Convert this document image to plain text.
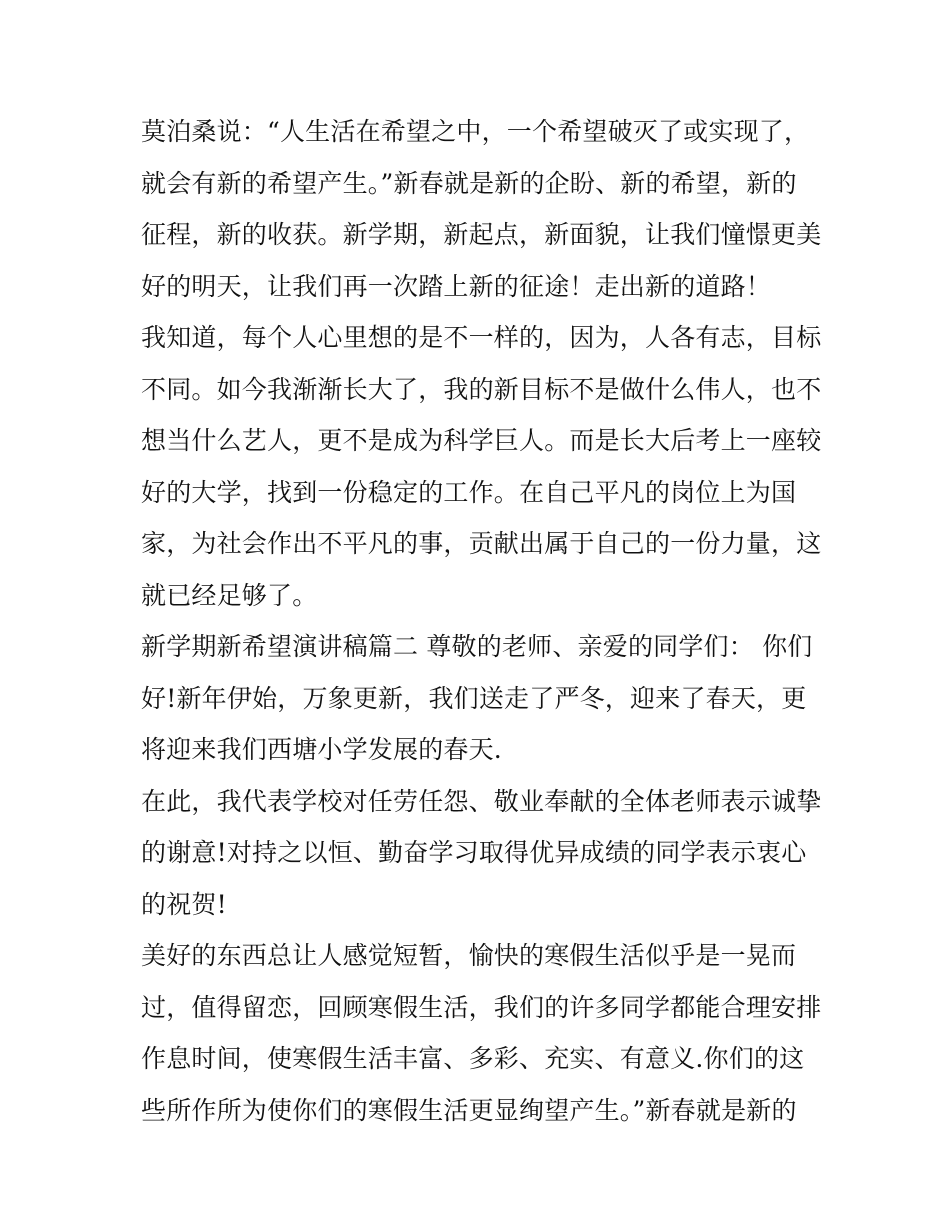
莫泊桑说：“人生活在希望之中，一个希望破灭了或实现了，
就会有新的希望产生。”新春就是新的企盼、新的希望，新的
征程，新的收获。新学期，新起点，新面貌，让我们憧憬更美
好的明天，让我们再一次踏上新的征途！走出新的道路！
我知道，每个人心里想的是不一样的，因为，人各有志，目标
不同。如今我渐渐长大了，我的新目标不是做什么伟人，也不
想当什么艺人，更不是成为科学巨人。而是长大后考上一座较
好的大学，找到一份稳定的工作。在自己平凡的岗位上为国
家，为社会作出不平凡的事，贡献出属于自己的一份力量，这
就已经足够了。
新学期新希望演讲稿篇二 尊敬的老师、亲爱的同学们： 你们
好!新年伊始，万象更新，我们送走了严冬，迎来了春天，更
将迎来我们西塘小学发展的春天.
在此，我代表学校对任劳任怨、敬业奉献的全体老师表示诚挚
的谢意!对持之以恒、勤奋学习取得优异成绩的同学表示衷心
的祝贺!
美好的东西总让人感觉短暂，愉快的寒假生活似乎是一晃而
过，值得留恋，回顾寒假生活，我们的许多同学都能合理安排
作息时间，使寒假生活丰富、多彩、充实、有意义.你们的这
些所作所为使你们的寒假生活更显绚望产生。”新春就是新的
